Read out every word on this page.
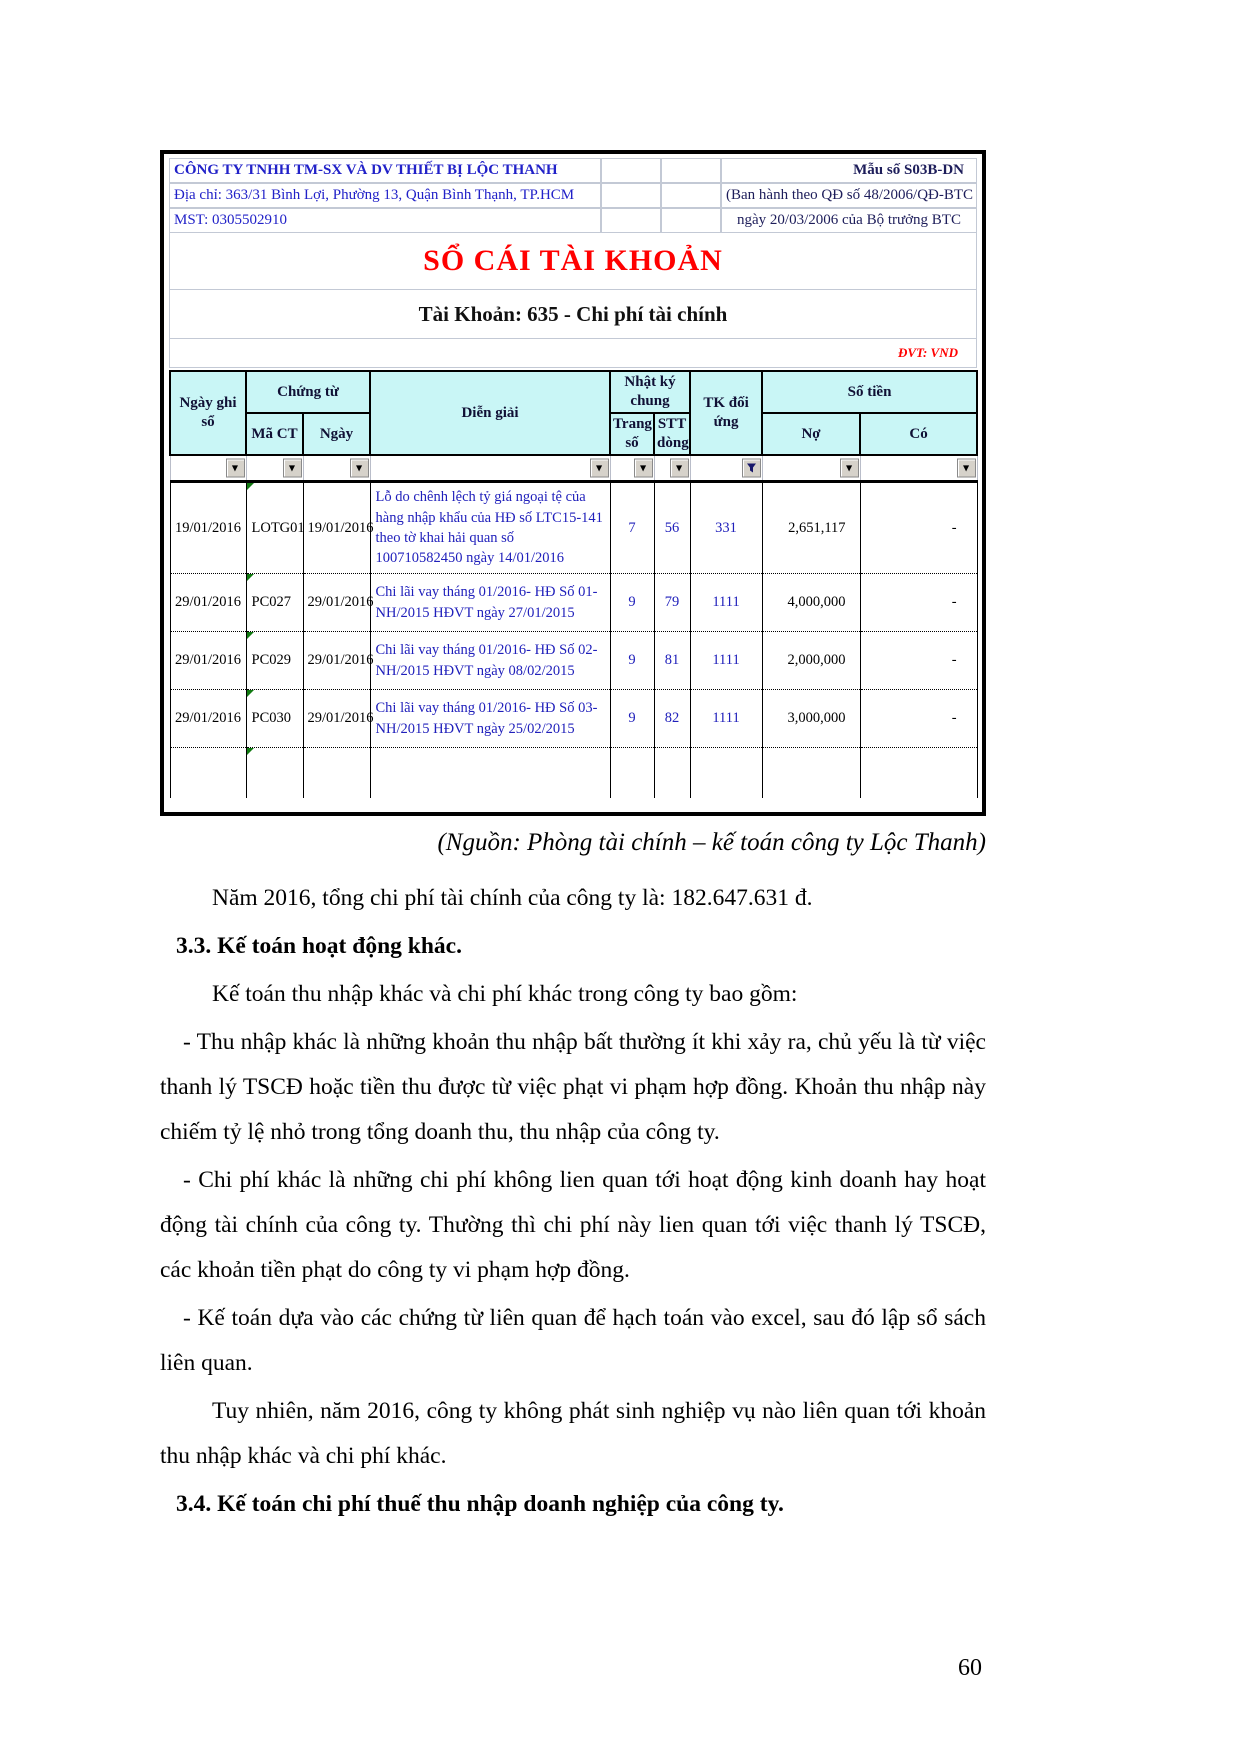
CÔNG TY TNHH TM-SX VÀ DV THIẾT BỊ LỘC THANH	Mẫu số S03B-DN
Địa chỉ: 363/31 Bình Lợi, Phường 13, Quận Bình Thạnh, TP.HCM	(Ban hành theo QĐ số 48/2006/QĐ-BTC
MST: 0305502910	ngày 20/03/2006 của Bộ trưởng BTC
SỔ CÁI TÀI KHOẢN
Tài Khoản: 635 - Chi phí tài chính
ĐVT: VND
Ngày ghi sổ	Chứng từ		Diễn giải	Nhật ký chung		TK đối ứng	Số tiền	
	Mã CT	Ngày		Trang số	STT dòng		Nợ	Có

▼	▼	▼	▼	▼	▼		▼	▼

19/01/2016	LOTG01	19/01/2016	Lỗ do chênh lệch tỷ giá ngoại tệ của hàng nhập khẩu của HĐ số LTC15-141 theo tờ khai hải quan số 100710582450 ngày 14/01/2016	7	56	331	2,651,117	-
29/01/2016	PC027	29/01/2016	Chi lãi vay tháng 01/2016- HĐ Số 01-NH/2015 HĐVT ngày 27/01/2015	9	79	1111	4,000,000	-
29/01/2016	PC029	29/01/2016	Chi lãi vay tháng 01/2016- HĐ Số 02-NH/2015 HĐVT ngày 08/02/2015	9	81	1111	2,000,000	-
29/01/2016	PC030	29/01/2016	Chi lãi vay tháng 01/2016- HĐ Số 03-NH/2015 HĐVT ngày 25/02/2015	9	82	1111	3,000,000	-

(Nguồn: Phòng tài chính – kế toán công ty Lộc Thanh)

Năm 2016, tổng chi phí tài chính của công ty là: 182.647.631 đ.

3.3. Kế toán hoạt động khác.

Kế toán thu nhập khác và chi phí khác trong công ty bao gồm:

- Thu nhập khác là những khoản thu nhập bất thường ít khi xảy ra, chủ yếu là từ việc thanh lý TSCĐ hoặc tiền thu được từ việc phạt vi phạm hợp đồng. Khoản thu nhập này chiếm tỷ lệ nhỏ trong tổng doanh thu, thu nhập của công ty.

- Chi phí khác là những chi phí không lien quan tới hoạt động kinh doanh hay hoạt động tài chính của công ty. Thường thì chi phí này lien quan tới việc thanh lý TSCĐ, các khoản tiền phạt do công ty vi phạm hợp đồng.

- Kế toán dựa vào các chứng từ liên quan để hạch toán vào excel, sau đó lập sổ sách liên quan.

Tuy nhiên, năm 2016, công ty không phát sinh nghiệp vụ nào liên quan tới khoản thu nhập khác và chi phí khác.

3.4. Kế toán chi phí thuế thu nhập doanh nghiệp của công ty.

60
